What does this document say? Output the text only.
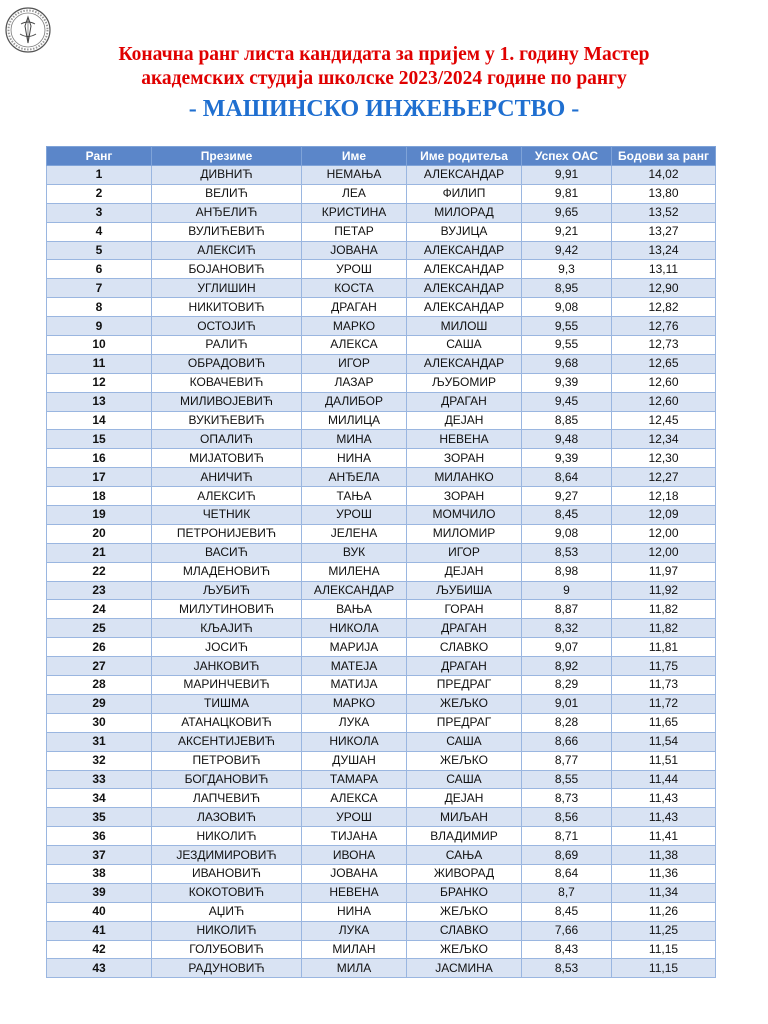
Коначна ранг листа кандидата за пријем у 1. годину Мастер
академских студија школске 2023/2024 године по рангу
- МАШИНСКО ИНЖЕЊЕРСТВО -
Ранг	Презиме	Име	Име родитеља	Успех ОАС	Бодови за ранг
1	ДИВНИЋ	НЕМАЊА	АЛЕКСАНДАР	9,91	14,02
2	ВЕЛИЋ	ЛЕА	ФИЛИП	9,81	13,80
3	АНЂЕЛИЋ	КРИСТИНА	МИЛОРАД	9,65	13,52
4	ВУЛИЋЕВИЋ	ПЕТАР	ВУЈИЦА	9,21	13,27
5	АЛЕКСИЋ	ЈОВАНА	АЛЕКСАНДАР	9,42	13,24
6	БОЈАНОВИЋ	УРОШ	АЛЕКСАНДАР	9,3	13,11
7	УГЛИШИН	КОСТА	АЛЕКСАНДАР	8,95	12,90
8	НИКИТОВИЋ	ДРАГАН	АЛЕКСАНДАР	9,08	12,82
9	ОСТОЈИЋ	МАРКО	МИЛОШ	9,55	12,76
10	РАЛИЋ	АЛЕКСА	САША	9,55	12,73
11	ОБРАДОВИЋ	ИГОР	АЛЕКСАНДАР	9,68	12,65
12	КОВАЧЕВИЋ	ЛАЗАР	ЉУБОМИР	9,39	12,60
13	МИЛИВОЈЕВИЋ	ДАЛИБОР	ДРАГАН	9,45	12,60
14	ВУКИЋЕВИЋ	МИЛИЦА	ДЕЈАН	8,85	12,45
15	ОПАЛИЋ	МИНА	НЕВЕНА	9,48	12,34
16	МИЈАТОВИЋ	НИНА	ЗОРАН	9,39	12,30
17	АНИЧИЋ	АНЂЕЛА	МИЛАНКО	8,64	12,27
18	АЛЕКСИЋ	ТАЊА	ЗОРАН	9,27	12,18
19	ЧЕТНИК	УРОШ	МОМЧИЛО	8,45	12,09
20	ПЕТРОНИЈЕВИЋ	ЈЕЛЕНА	МИЛОМИР	9,08	12,00
21	ВАСИЋ	ВУК	ИГОР	8,53	12,00
22	МЛАДЕНОВИЋ	МИЛЕНА	ДЕЈАН	8,98	11,97
23	ЉУБИЋ	АЛЕКСАНДАР	ЉУБИША	9	11,92
24	МИЛУТИНОВИЋ	ВАЊА	ГОРАН	8,87	11,82
25	КЉАЈИЋ	НИКОЛА	ДРАГАН	8,32	11,82
26	ЈОСИЋ	МАРИЈА	СЛАВКО	9,07	11,81
27	ЈАНКОВИЋ	МАТЕЈА	ДРАГАН	8,92	11,75
28	МАРИНЧЕВИЋ	МАТИЈА	ПРЕДРАГ	8,29	11,73
29	ТИШМА	МАРКО	ЖЕЉКО	9,01	11,72
30	АТАНАЦКОВИЋ	ЛУКА	ПРЕДРАГ	8,28	11,65
31	АКСЕНТИЈЕВИЋ	НИКОЛА	САША	8,66	11,54
32	ПЕТРОВИЋ	ДУШАН	ЖЕЉКО	8,77	11,51
33	БОГДАНОВИЋ	ТАМАРА	САША	8,55	11,44
34	ЛАПЧЕВИЋ	АЛЕКСА	ДЕЈАН	8,73	11,43
35	ЛАЗОВИЋ	УРОШ	МИЉАН	8,56	11,43
36	НИКОЛИЋ	ТИЈАНА	ВЛАДИМИР	8,71	11,41
37	ЈЕЗДИМИРОВИЋ	ИВОНА	САЊА	8,69	11,38
38	ИВАНОВИЋ	ЈОВАНА	ЖИВОРАД	8,64	11,36
39	КОКОТОВИЋ	НЕВЕНА	БРАНКО	8,7	11,34
40	АЏИЋ	НИНА	ЖЕЉКО	8,45	11,26
41	НИКОЛИЋ	ЛУКА	СЛАВКО	7,66	11,25
42	ГОЛУБОВИЋ	МИЛАН	ЖЕЉКО	8,43	11,15
43	РАДУНОВИЋ	МИЛА	ЈАСМИНА	8,53	11,15
